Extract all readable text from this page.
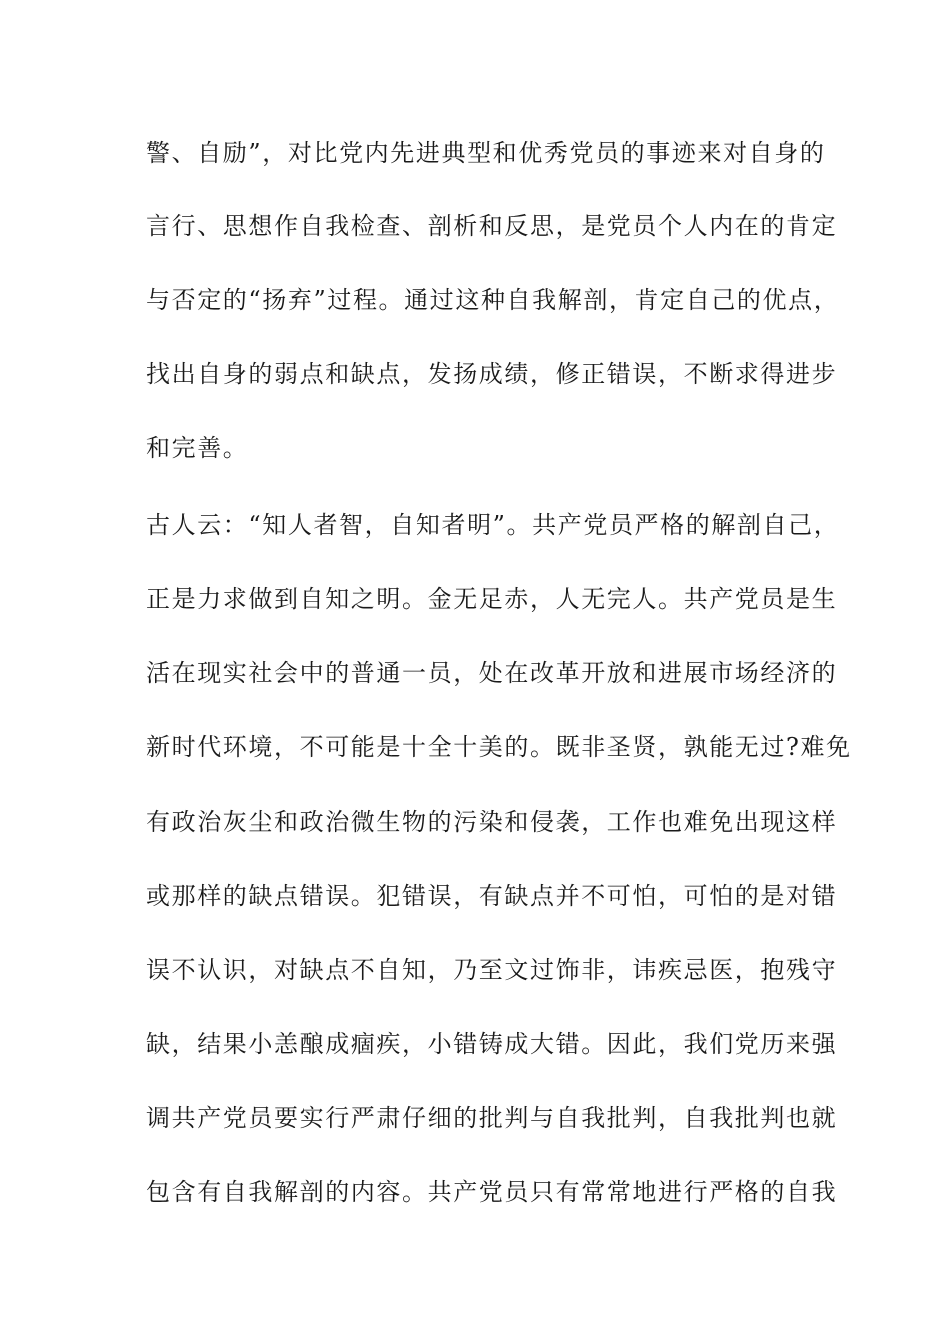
警、自励”，对比党内先进典型和优秀党员的事迹来对自身的
言行、思想作自我检查、剖析和反思，是党员个人内在的肯定
与否定的“扬弃”过程。通过这种自我解剖，肯定自己的优点，
找出自身的弱点和缺点，发扬成绩，修正错误，不断求得进步
和完善。
古人云：“知人者智，自知者明”。共产党员严格的解剖自己，
正是力求做到自知之明。金无足赤，人无完人。共产党员是生
活在现实社会中的普通一员，处在改革开放和进展市场经济的
新时代环境，不可能是十全十美的。既非圣贤，孰能无过?难免
有政治灰尘和政治微生物的污染和侵袭，工作也难免出现这样
或那样的缺点错误。犯错误，有缺点并不可怕，可怕的是对错
误不认识，对缺点不自知，乃至文过饰非，讳疾忌医，抱残守
缺，结果小恙酿成痼疾，小错铸成大错。因此，我们党历来强
调共产党员要实行严肃仔细的批判与自我批判，自我批判也就
包含有自我解剖的内容。共产党员只有常常地进行严格的自我
